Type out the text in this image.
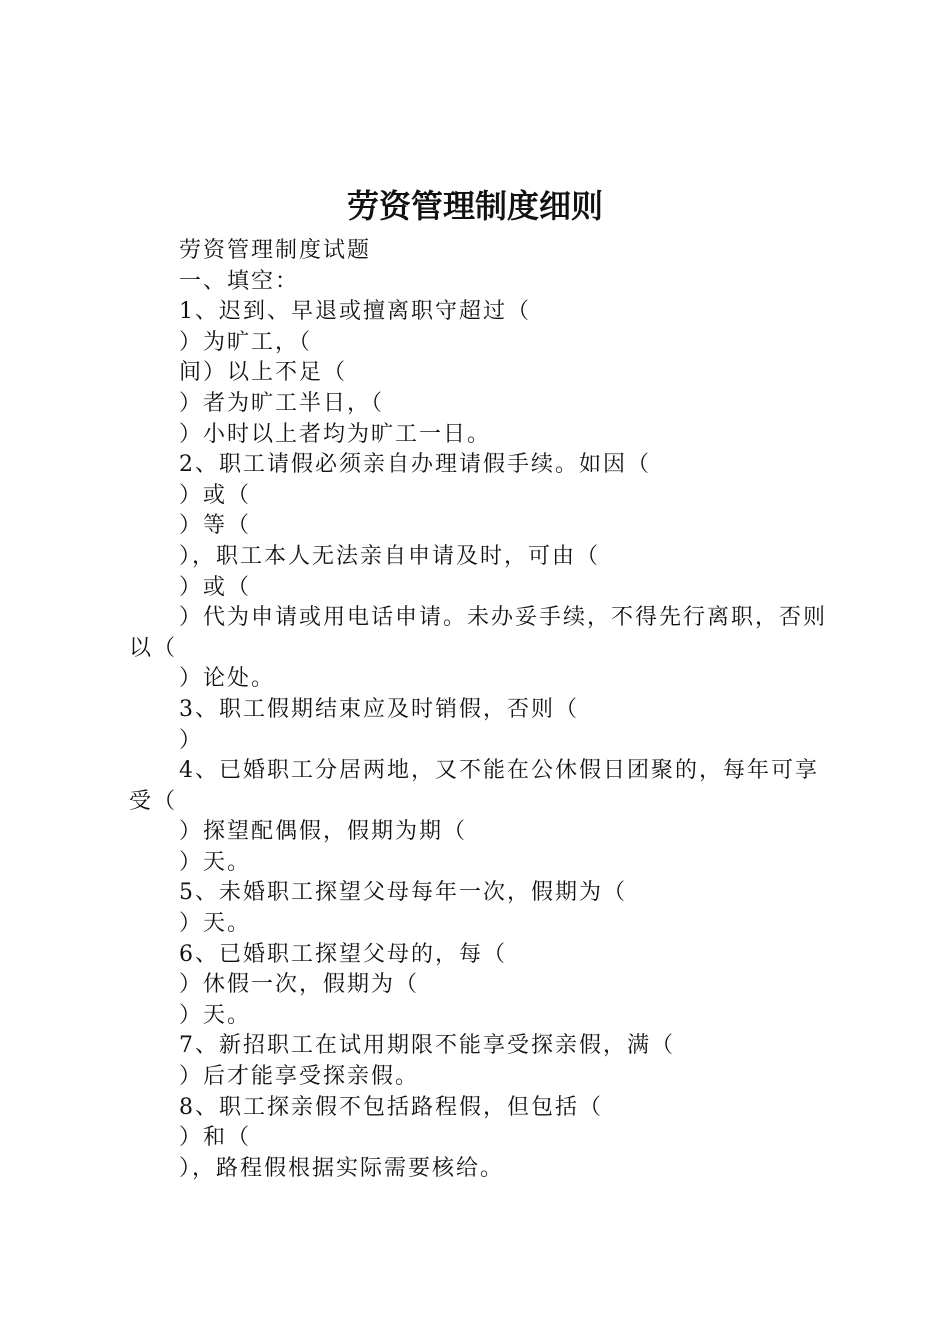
劳资管理制度细则
劳资管理制度试题
一、填空：
1、迟到、早退或擅离职守超过（
）为旷工，（
间）以上不足（
）者为旷工半日，（
）小时以上者均为旷工一日。
2、职工请假必须亲自办理请假手续。如因（
）或（
）等（
），职工本人无法亲自申请及时，可由（
）或（
）代为申请或用电话申请。未办妥手续，不得先行离职，否则以（
）论处。
3、职工假期结束应及时销假，否则（
）
4、已婚职工分居两地，又不能在公休假日团聚的，每年可享受（
）探望配偶假，假期为期（
）天。
5、未婚职工探望父母每年一次，假期为（
）天。
6、已婚职工探望父母的，每（
）休假一次，假期为（
）天。
7、新招职工在试用期限不能享受探亲假，满（
）后才能享受探亲假。
8、职工探亲假不包括路程假，但包括（
）和（
），路程假根据实际需要核给。
